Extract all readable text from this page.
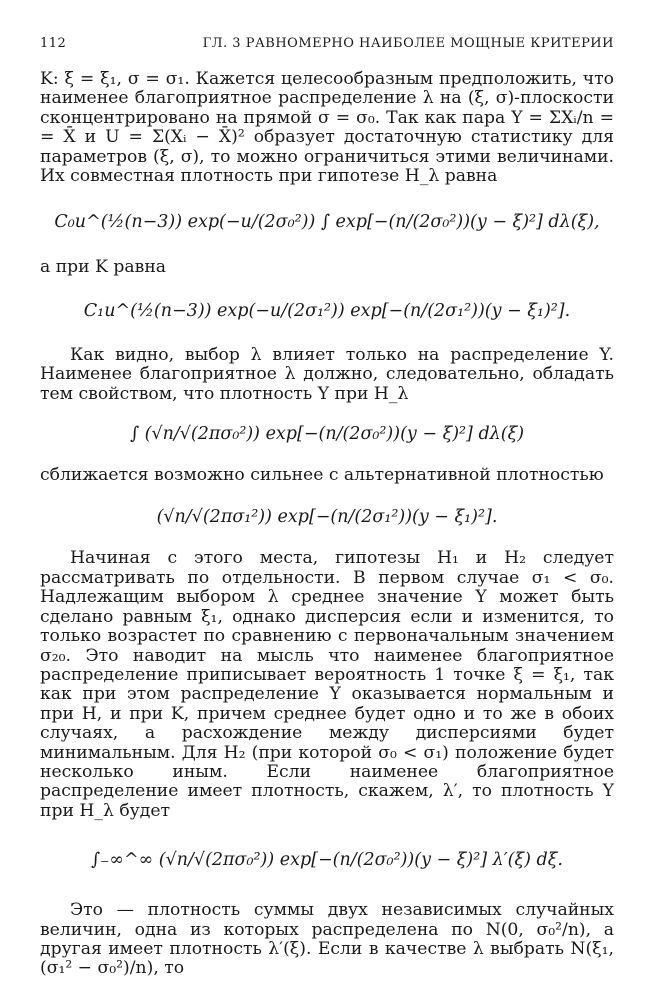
112	ГЛ. 3 РАВНОМЕРНО НАИБОЛЕЕ МОЩНЫЕ КРИТЕРИИ

K: ξ = ξ₁, σ = σ₁. Кажется целесообразным предположить, что наименее благоприятное распределение λ на (ξ, σ)-плоскости сконцентрировано на прямой σ = σ₀. Так как пара Y = ΣXᵢ/n = = X̄ и U = Σ(Xᵢ − X̄)² образует достаточную статистику для параметров (ξ, σ), то можно ограничиться этими величинами. Их совместная плотность при гипотезе H_λ равна

C₀u^(½(n−3)) exp(−u/(2σ₀²)) ∫ exp[−(n/(2σ₀²))(y − ξ)²] dλ(ξ),

а при K равна

C₁u^(½(n−3)) exp(−u/(2σ₁²)) exp[−(n/(2σ₁²))(y − ξ₁)²].

Как видно, выбор λ влияет только на распределение Y. Наименее благоприятное λ должно, следовательно, обладать тем свойством, что плотность Y при H_λ

∫ (√n/√(2πσ₀²)) exp[−(n/(2σ₀²))(y − ξ)²] dλ(ξ)

сближается возможно сильнее с альтернативной плотностью

(√n/√(2πσ₁²)) exp[−(n/(2σ₁²))(y − ξ₁)²].

Начиная с этого места, гипотезы H₁ и H₂ следует рассматривать по отдельности. В первом случае σ₁ < σ₀. Надлежащим выбором λ среднее значение Y может быть сделано равным ξ₁, однако дисперсия если и изменится, то только возрастет по сравнению с первоначальным значением σ₂₀. Это наводит на мысль что наименее благоприятное распределение приписывает вероятность 1 точке ξ = ξ₁, так как при этом распределение Y оказывается нормальным и при H, и при K, причем среднее будет одно и то же в обоих случаях, а расхождение между дисперсиями будет минимальным. Для H₂ (при которой σ₀ < σ₁) положение будет несколько иным. Если наименее благоприятное распределение имеет плотность, скажем, λ′, то плотность Y при H_λ будет

∫₋∞^∞ (√n/√(2πσ₀²)) exp[−(n/(2σ₀²))(y − ξ)²] λ′(ξ) dξ.

Это — плотность суммы двух независимых случайных величин, одна из которых распределена по N(0, σ₀²/n), а другая имеет плотность λ′(ξ). Если в качестве λ выбрать N(ξ₁, (σ₁² − σ₀²)/n), то
